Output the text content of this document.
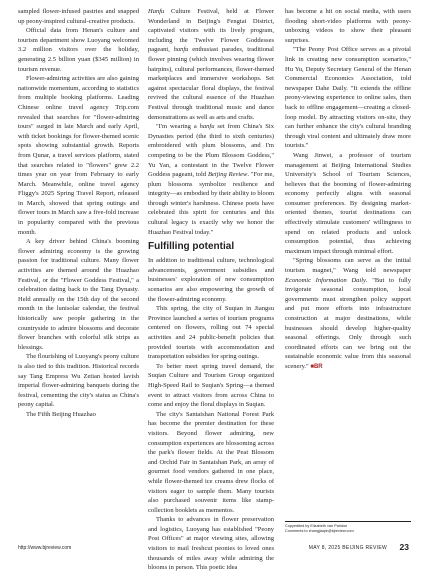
sampled flower-infused pastries and snapped up peony-inspired cultural-creative products.

Official data from Henan's culture and tourism department show Luoyang welcomed 3.2 million visitors over the holiday, generating 2.5 billion yuan ($345 million) in tourism revenue.

Flower-admiring activities are also gaining nationwide momentum, according to statistics from multiple booking platforms. Leading Chinese online travel agency Trip.com revealed that searches for "flower-admiring tours" surged in late March and early April, with ticket bookings for flower-themed scenic spots showing substantial growth. Reports from Qunar, a travel services platform, stated that searches related to "flowers" grew 2.2 times year on year from February to early March. Meanwhile, online travel agency Fliggy's 2025 Spring Travel Report, released in March, showed that spring outings and flower tours in March saw a five-fold increase in popularity compared with the previous month.

A key driver behind China's booming flower admiring economy is the growing passion for traditional culture. Many flower activities are themed around the Huazhao Festival, or the "Flower Goddess Festival," a celebration dating back to the Tang Dynasty. Held annually on the 15th day of the second month in the lunisolar calendar, the festival historically saw people gathering in the countryside to admire blossoms and decorate flower branches with colorful silk strips as blessings.

The flourishing of Luoyang's peony culture is also tied to this tradition. Historical records say Tang Empress Wu Zetian hosted lavish imperial flower-admiring banquets during the festival, cementing the city's status as China's peony capital.

The Fifth Beijing Huazhao

Hanfu Culture Festival, held at Flower Wonderland in Beijing's Fengtai District, captivated visitors with its lively program, including the Twelve Flower Goddesses pageant, hanfu enthusiast parades, traditional flower pinning (which involves wearing flower hairpins), cultural performances, flower-themed marketplaces and immersive workshops. Set against spectacular floral displays, the festival revived the cultural essence of the Huazhao Festival through traditional music and dance demonstrations as well as arts and crafts.

"I'm wearing a hanfu set from China's Six Dynasties period (the third to sixth centuries) embroidered with plum blossoms, and I'm competing to be the Plum Blossom Goddess," Yu Yan, a contestant in the Twelve Flower Goddess pageant, told Beijing Review. "For me, plum blossoms symbolize resilience and integrity—as embodied by their ability to bloom through winter's harshness. Chinese poets have celebrated this spirit for centuries and this cultural legacy is exactly why we honor the Huazhao Festival today."

Fulfilling potential

In addition to traditional culture, technological advancements, government subsidies and businesses' exploration of new consumption scenarios are also empowering the growth of the flower-admiring economy.

This spring, the city of Suqian in Jiangsu Province launched a series of tourism programs centered on flowers, rolling out 74 special activities and 24 public-benefit policies that provided tourists with accommodation and transportation subsidies for spring outings.

To better meet spring travel demand, the Suqian Culture and Tourism Group organized High-Speed Rail to Suqian's Spring—a themed event to attract visitors from across China to come and enjoy the floral displays in Suqian.

The city's Santaishan National Forest Park has become the premier destination for these visitors. Beyond flower admiring, new consumption experiences are blossoming across the park's flower fields. At the Peat Blossom and Orchid Fair in Santaishan Park, an array of gourmet food vendors gathered in one place, while flower-themed ice creams drew flocks of visitors eager to sample them. Many tourists also purchased souvenir items like stamp-collection booklets as mementos.

Thanks to advances in flower preservation and logistics, Luoyang has established "Peony Post Offices" at major viewing sites, allowing visitors to mail freshcut peonies to loved ones thousands of miles away while admiring the blooms in person. This poetic idea

has become a hit on social media, with users flooding short-video platforms with peony-unboxing videos to show their pleasant surprises.

"The Peony Post Office serves as a pivotal link in creating new consumption scenarios," Hu Yu, Deputy Secretary General of the Henan Commercial Economics Association, told newspaper Dahe Daily. "It extends the offline peony-viewing experience to online sales, then back to offline engagement—creating a closed-loop model. By attracting visitors on-site, they can further enhance the city's cultural branding through viral content and ultimately draw more tourists."

Wang Jinwei, a professor of tourism management at Beijing International Studies University's School of Tourism Sciences, believes that the booming of flower-admiring economy perfectly aligns with seasonal consumer preferences. By designing market-oriented themes, tourist destinations can effectively stimulate customers' willingness to spend on related products and unlock consumption potential, thus achieving maximum impact through minimal effort.

"Spring blossoms can serve as the initial tourism magnet," Wang told newspaper Economic Information Daily. "But to fully invigorate seasonal consumption, local governments must strengthen policy support and put more efforts into infrastructure construction at major destinations, while businesses should develop higher-quality seasonal offerings. Only through such coordinated efforts can we bring out the sustainable economic value from this seasonal scenery." ■BR

Copyedited by Elizabeth van Paridon
Comments to zhangjiaqie@bjreview.com
http://www.bjreview.com	MAY 8, 2025 BEIJING REVIEW 23
